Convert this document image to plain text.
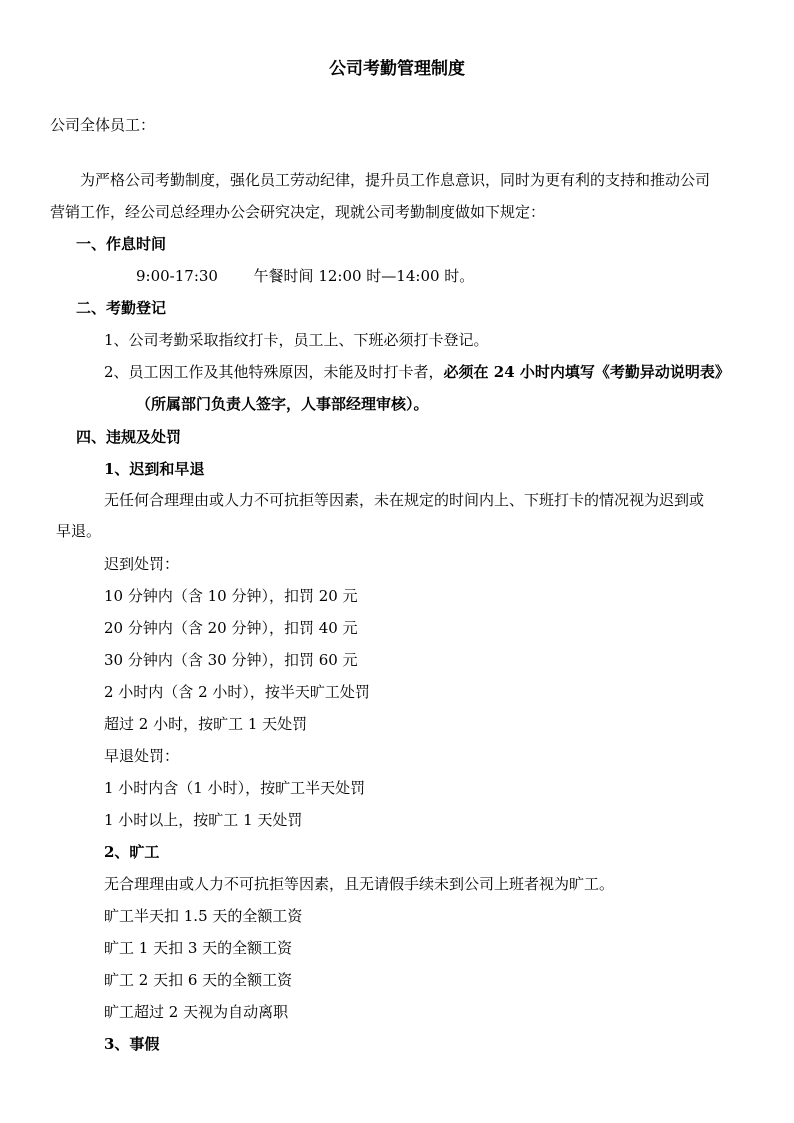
公司考勤管理制度
公司全体员工：
为严格公司考勤制度，强化员工劳动纪律，提升员工作息意识，同时为更有利的支持和推动公司
营销工作，经公司总经理办公会研究决定，现就公司考勤制度做如下规定：
一、作息时间
9:00-17:30 午餐时间 12:00 时—14:00 时。
二、考勤登记
1、公司考勤采取指纹打卡，员工上、下班必须打卡登记。
2、员工因工作及其他特殊原因，未能及时打卡者，必须在 24 小时内填写《考勤异动说明表》
（所属部门负责人签字，人事部经理审核）。
四、违规及处罚
1、迟到和早退
无任何合理理由或人力不可抗拒等因素，未在规定的时间内上、下班打卡的情况视为迟到或
早退。
迟到处罚：
10 分钟内（含 10 分钟），扣罚 20 元
20 分钟内（含 20 分钟），扣罚 40 元
30 分钟内（含 30 分钟），扣罚 60 元
2 小时内（含 2 小时），按半天旷工处罚
超过 2 小时，按旷工 1 天处罚
早退处罚：
1 小时内含（1 小时），按旷工半天处罚
1 小时以上，按旷工 1 天处罚
2、旷工
无合理理由或人力不可抗拒等因素，且无请假手续未到公司上班者视为旷工。
旷工半天扣 1.5 天的全额工资
旷工 1 天扣 3 天的全额工资
旷工 2 天扣 6 天的全额工资
旷工超过 2 天视为自动离职
3、事假
